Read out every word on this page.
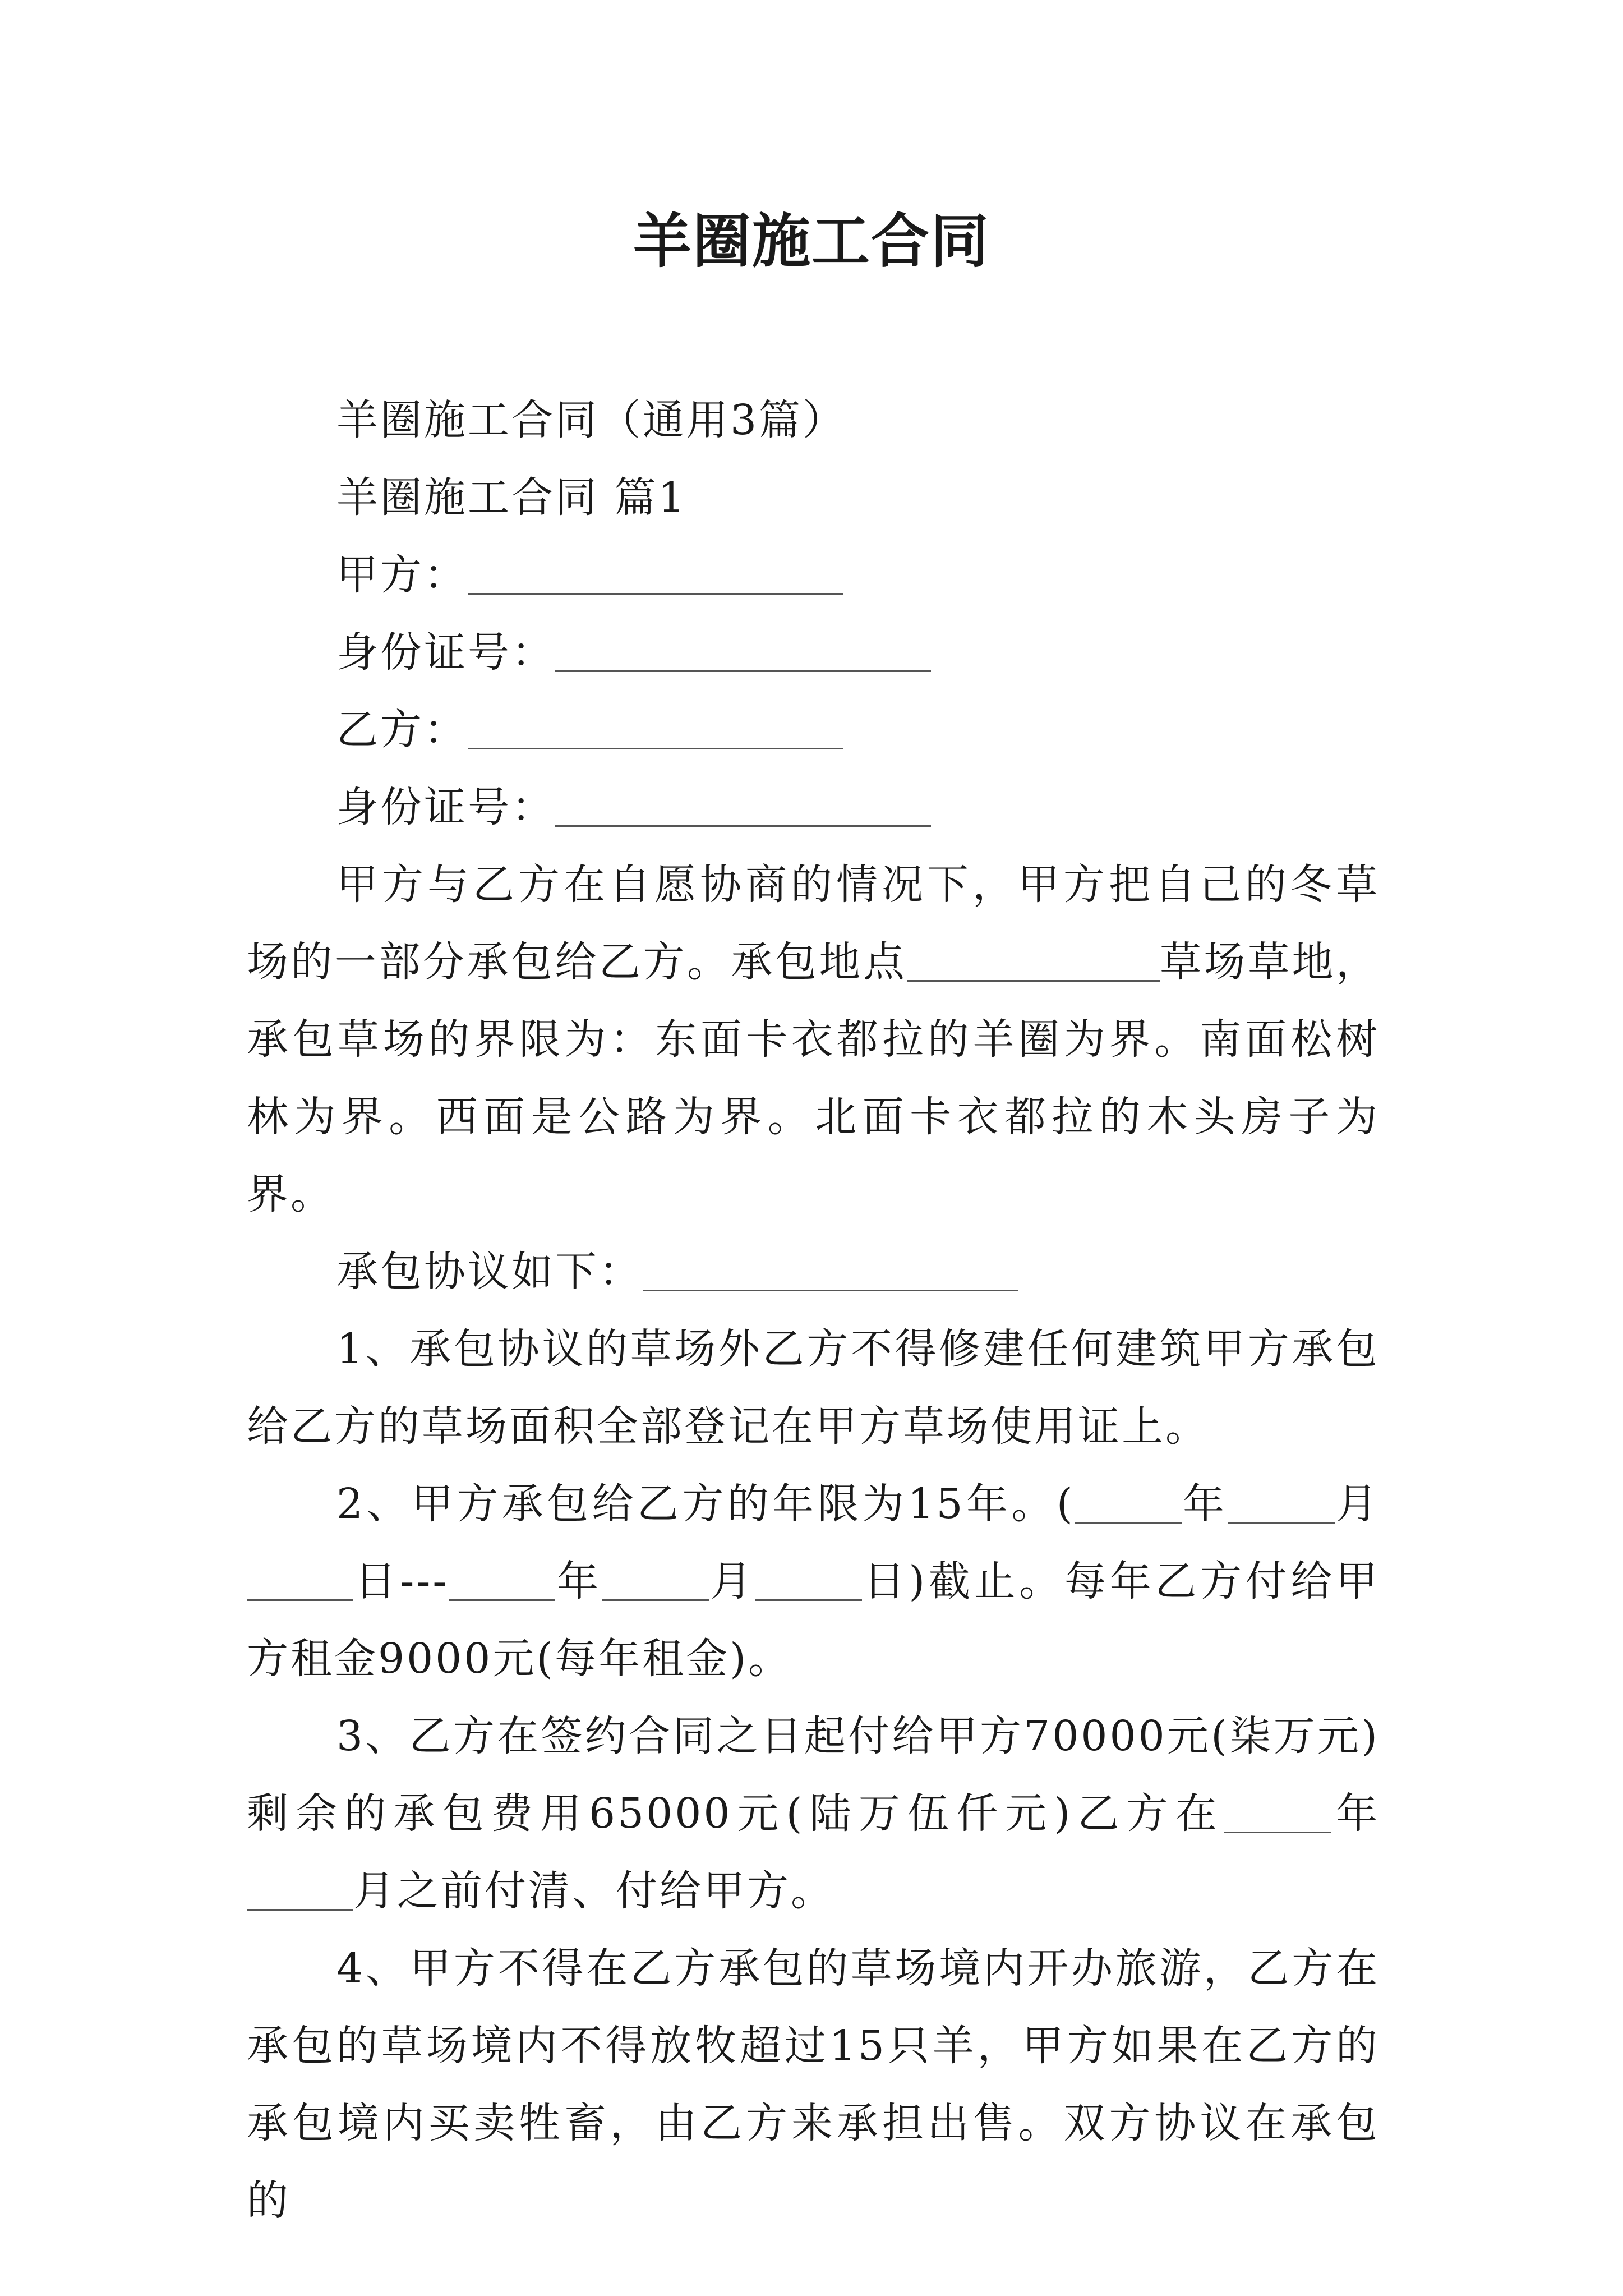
羊圈施工合同

羊圈施工合同（通用3篇）

羊圈施工合同 篇1

甲方：

身份证号：

乙方：

身份证号：

甲方与乙方在自愿协商的情况下，甲方把自己的冬草场的一部分承包给乙方。承包地点	草场草地，承包草场的界限为：东面卡衣都拉的羊圈为界。南面松树林为界。西面是公路为界。北面卡衣都拉的木头房子为界。

承包协议如下：

1、承包协议的草场外乙方不得修建任何建筑甲方承包给乙方的草场面积全部登记在甲方草场使用证上。

2、甲方承包给乙方的年限为15年。(	年	月日---	年	月	日)截止。每年乙方付给甲方租金9000元(每年租金)。

3、乙方在签约合同之日起付给甲方70000元(柒万元)剩余的承包费用65000元(陆万伍仟元)乙方在	年月之前付清、付给甲方。

4、甲方不得在乙方承包的草场境内开办旅游，乙方在承包的草场境内不得放牧超过15只羊，甲方如果在乙方的承包境内买卖牲畜，由乙方来承担出售。双方协议在承包的
